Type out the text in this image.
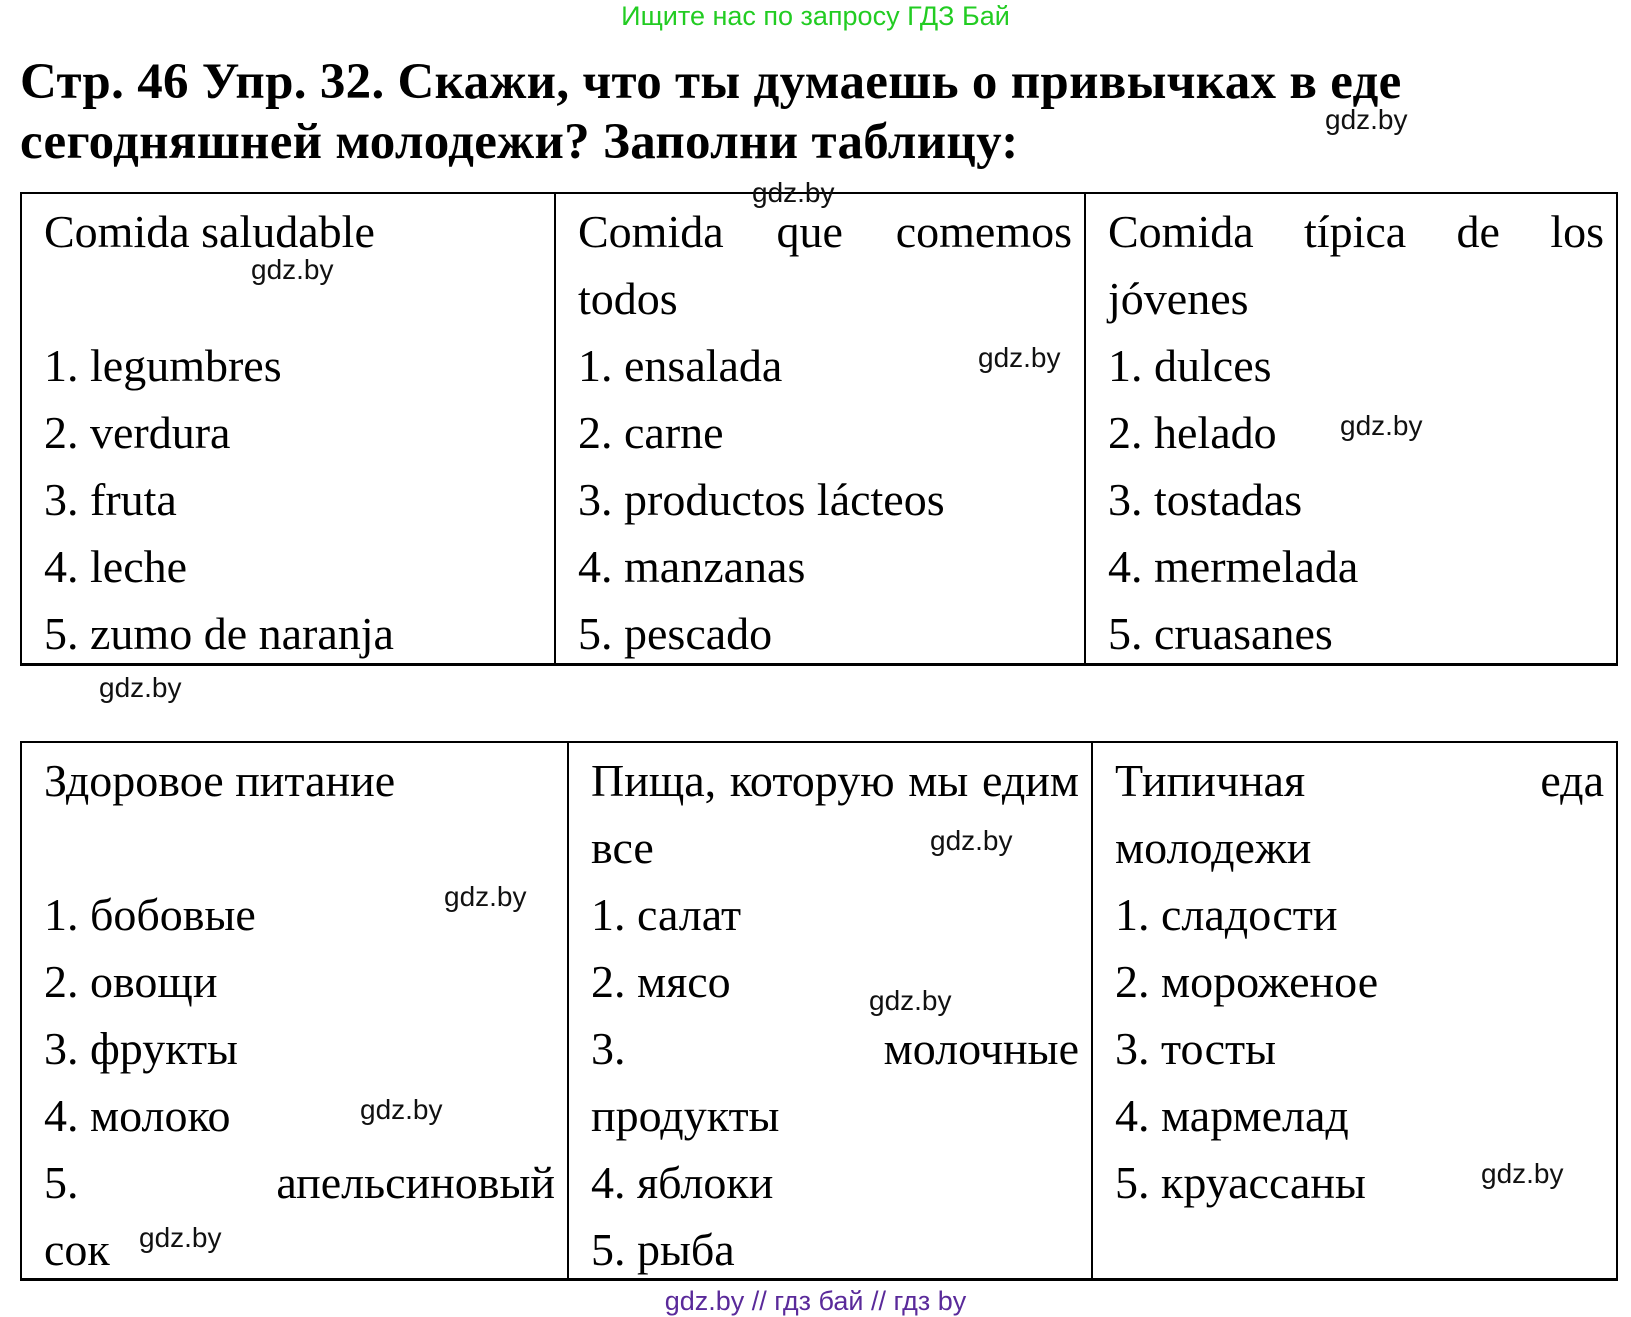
Ищите нас по запросу ГДЗ Бай
Стр. 46 Упр. 32. Скажи, что ты думаешь о привычках в еде сегодняшней молодежи? Заполни таблицу:
Comida saludable
1. legumbres
2. verdura
3. fruta
4. leche
5. zumo de naranja
Comida que comemos todos
1. ensalada
2. carne
3. productos lácteos
4. manzanas
5. pescado
Comida típica de los jóvenes
1. dulces
2. helado
3. tostadas
4. mermelada
5. cruasanes
Здоровое питание
1. бобовые
2. овощи
3. фрукты
4. молоко
5. апельсиновый сок
Пища, которую мы едим все
1. салат
2. мясо
3. молочные продукты
4. яблоки
5. рыба
Типичная еда молодежи
1. сладости
2. мороженое
3. тосты
4. мармелад
5. круассаны
gdz.by
gdz.by
gdz.by
gdz.by
gdz.by
gdz.by
gdz.by
gdz.by
gdz.by
gdz.by
gdz.by
gdz.by
gdz.by // гдз бай // гдз by
